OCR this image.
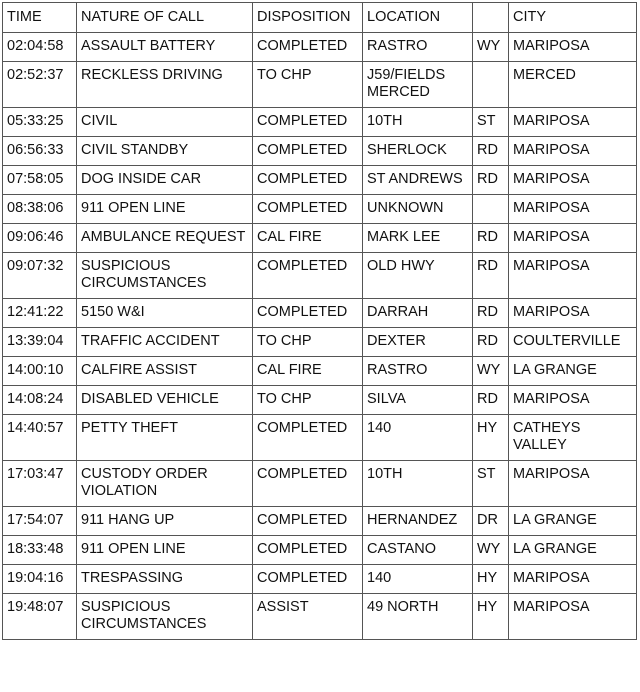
TIME	NATURE OF CALL	DISPOSITION	LOCATION		CITY
02:04:58	ASSAULT BATTERY	COMPLETED	RASTRO	WY	MARIPOSA
02:52:37	RECKLESS DRIVING	TO CHP	J59/FIELDS MERCED		MERCED
05:33:25	CIVIL	COMPLETED	10TH	ST	MARIPOSA
06:56:33	CIVIL STANDBY	COMPLETED	SHERLOCK	RD	MARIPOSA
07:58:05	DOG INSIDE CAR	COMPLETED	ST ANDREWS	RD	MARIPOSA
08:38:06	911 OPEN LINE	COMPLETED	UNKNOWN		MARIPOSA
09:06:46	AMBULANCE REQUEST	CAL FIRE	MARK LEE	RD	MARIPOSA
09:07:32	SUSPICIOUS CIRCUMSTANCES	COMPLETED	OLD HWY	RD	MARIPOSA
12:41:22	5150 W&I	COMPLETED	DARRAH	RD	MARIPOSA
13:39:04	TRAFFIC ACCIDENT	TO CHP	DEXTER	RD	COULTERVILLE
14:00:10	CALFIRE ASSIST	CAL FIRE	RASTRO	WY	LA GRANGE
14:08:24	DISABLED VEHICLE	TO CHP	SILVA	RD	MARIPOSA
14:40:57	PETTY THEFT	COMPLETED	140	HY	CATHEYS VALLEY
17:03:47	CUSTODY ORDER VIOLATION	COMPLETED	10TH	ST	MARIPOSA
17:54:07	911 HANG UP	COMPLETED	HERNANDEZ	DR	LA GRANGE
18:33:48	911 OPEN LINE	COMPLETED	CASTANO	WY	LA GRANGE
19:04:16	TRESPASSING	COMPLETED	140	HY	MARIPOSA
19:48:07	SUSPICIOUS CIRCUMSTANCES	ASSIST	49 NORTH	HY	MARIPOSA
